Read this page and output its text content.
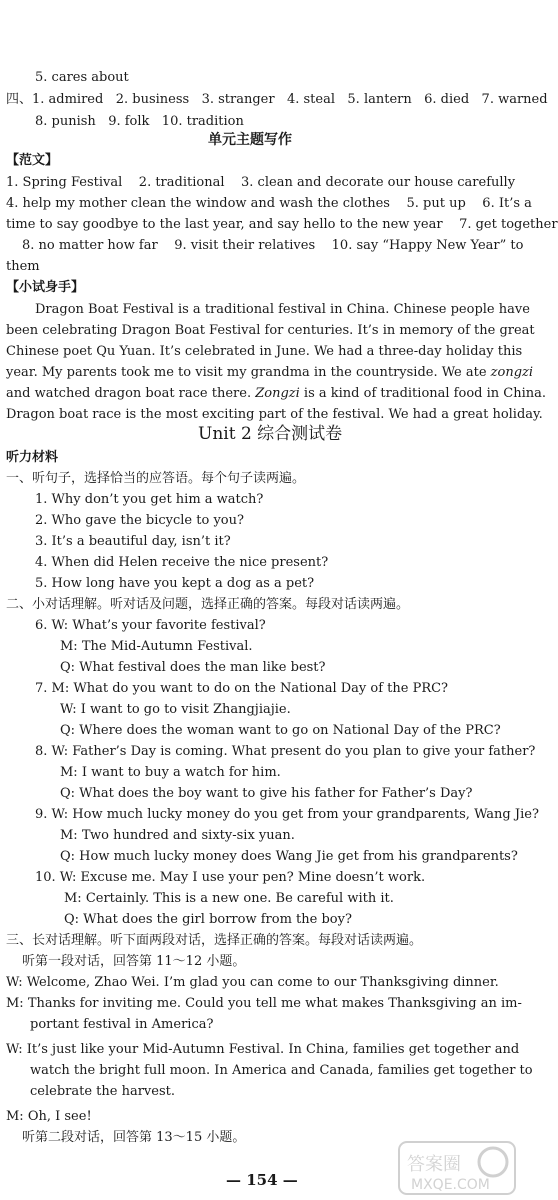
单元主题写作
Unit 2 综合测试卷
5. cares about
四、1. admired   2. business   3. stranger   4. steal   5. lantern   6. died   7. warned
8. punish   9. folk   10. tradition
【范文】
1. Spring Festival    2. traditional    3. clean and decorate our house carefully
4. help my mother clean the window and wash the clothes    5. put up    6. It’s a
time to say goodbye to the last year, and say hello to the new year    7. get together
8. no matter how far    9. visit their relatives    10. say “Happy New Year” to
them
【小试身手】
Dragon Boat Festival is a traditional festival in China. Chinese people have
been celebrating Dragon Boat Festival for centuries. It’s in memory of the great
Chinese poet Qu Yuan. It’s celebrated in June. We had a three-day holiday this
year. My parents took me to visit my grandma in the countryside. We ate zongzi
and watched dragon boat race there. Zongzi is a kind of traditional food in China.
Dragon boat race is the most exciting part of the festival. We had a great holiday.
听力材料
一、听句子，选择恰当的应答语。每个句子读两遍。
1. Why don’t you get him a watch?
2. Who gave the bicycle to you?
3. It’s a beautiful day, isn’t it?
4. When did Helen receive the nice present?
5. How long have you kept a dog as a pet?
二、小对话理解。听对话及问题，选择正确的答案。每段对话读两遍。
6. W: What’s your favorite festival?
M: The Mid-Autumn Festival.
Q: What festival does the man like best?
7. M: What do you want to do on the National Day of the PRC?
W: I want to go to visit Zhangjiajie.
Q: Where does the woman want to go on National Day of the PRC?
8. W: Father’s Day is coming. What present do you plan to give your father?
M: I want to buy a watch for him.
Q: What does the boy want to give his father for Father’s Day?
9. W: How much lucky money do you get from your grandparents, Wang Jie?
M: Two hundred and sixty-six yuan.
Q: How much lucky money does Wang Jie get from his grandparents?
10. W: Excuse me. May I use your pen? Mine doesn’t work.
M: Certainly. This is a new one. Be careful with it.
Q: What does the girl borrow from the boy?
三、长对话理解。听下面两段对话，选择正确的答案。每段对话读两遍。
听第一段对话，回答第 11～12 小题。
W: Welcome, Zhao Wei. I’m glad you can come to our Thanksgiving dinner.
M: Thanks for inviting me. Could you tell me what makes Thanksgiving an im-
portant festival in America?
W: It’s just like your Mid-Autumn Festival. In China, families get together and
watch the bright full moon. In America and Canada, families get together to
celebrate the harvest.
M: Oh, I see!
听第二段对话，回答第 13～15 小题。
— 154 —
答案圈
MXQE.COM
